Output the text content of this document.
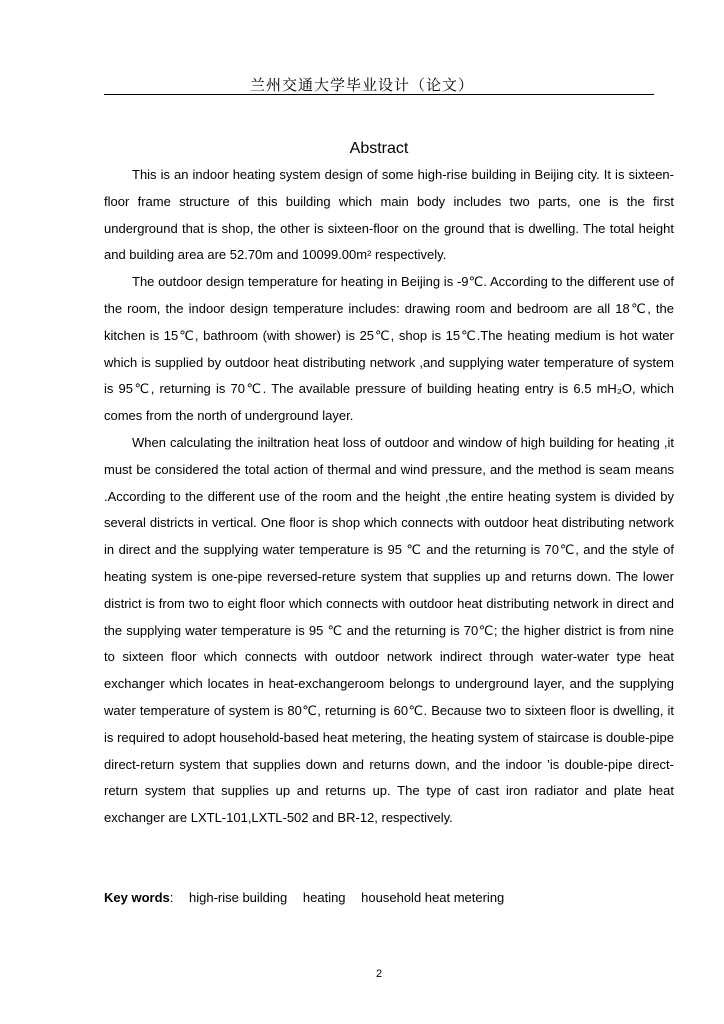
兰州交通大学毕业设计（论文）
Abstract

This is an indoor heating system design of some high-rise building in Beijing city. It is sixteen-floor frame structure of this building which main body includes two parts, one is the first underground that is shop, the other is sixteen-floor on the ground that is dwelling. The total height and building area are 52.70m and 10099.00m² respectively.

The outdoor design temperature for heating in Beijing is -9℃. According to the different use of the room, the indoor design temperature includes: drawing room and bedroom are all 18℃, the kitchen is 15℃, bathroom (with shower) is 25℃, shop is 15℃.The heating medium is hot water which is supplied by outdoor heat distributing network ,and supplying water temperature of system is 95℃, returning is 70℃. The available pressure of building heating entry is 6.5 mH₂O, which comes from the north of underground layer.

When calculating the iniltration heat loss of outdoor and window of high building for heating ,it must be considered the total action of thermal and wind pressure, and the method is seam means .According to the different use of the room and the height ,the entire heating system is divided by several districts in vertical. One floor is shop which connects with outdoor heat distributing network in direct and the supplying water temperature is 95 ℃ and the returning is 70℃, and the style of heating system is one-pipe reversed-reture system that supplies up and returns down. The lower district is from two to eight floor which connects with outdoor heat distributing network in direct and the supplying water temperature is 95 ℃ and the returning is 70℃; the higher district is from nine to sixteen floor which connects with outdoor network indirect through water-water type heat exchanger which locates in heat-exchangeroom belongs to underground layer, and the supplying water temperature of system is 80℃, returning is 60℃. Because two to sixteen floor is dwelling, it is required to adopt household-based heat metering, the heating system of staircase is double-pipe direct-return system that supplies down and returns down, and the indoor ’is double-pipe direct-return system that supplies up and returns up. The type of cast iron radiator and plate heat exchanger are LXTL-101,LXTL-502 and BR-12, respectively.

Key words: high-rise building heating household heat metering
2
